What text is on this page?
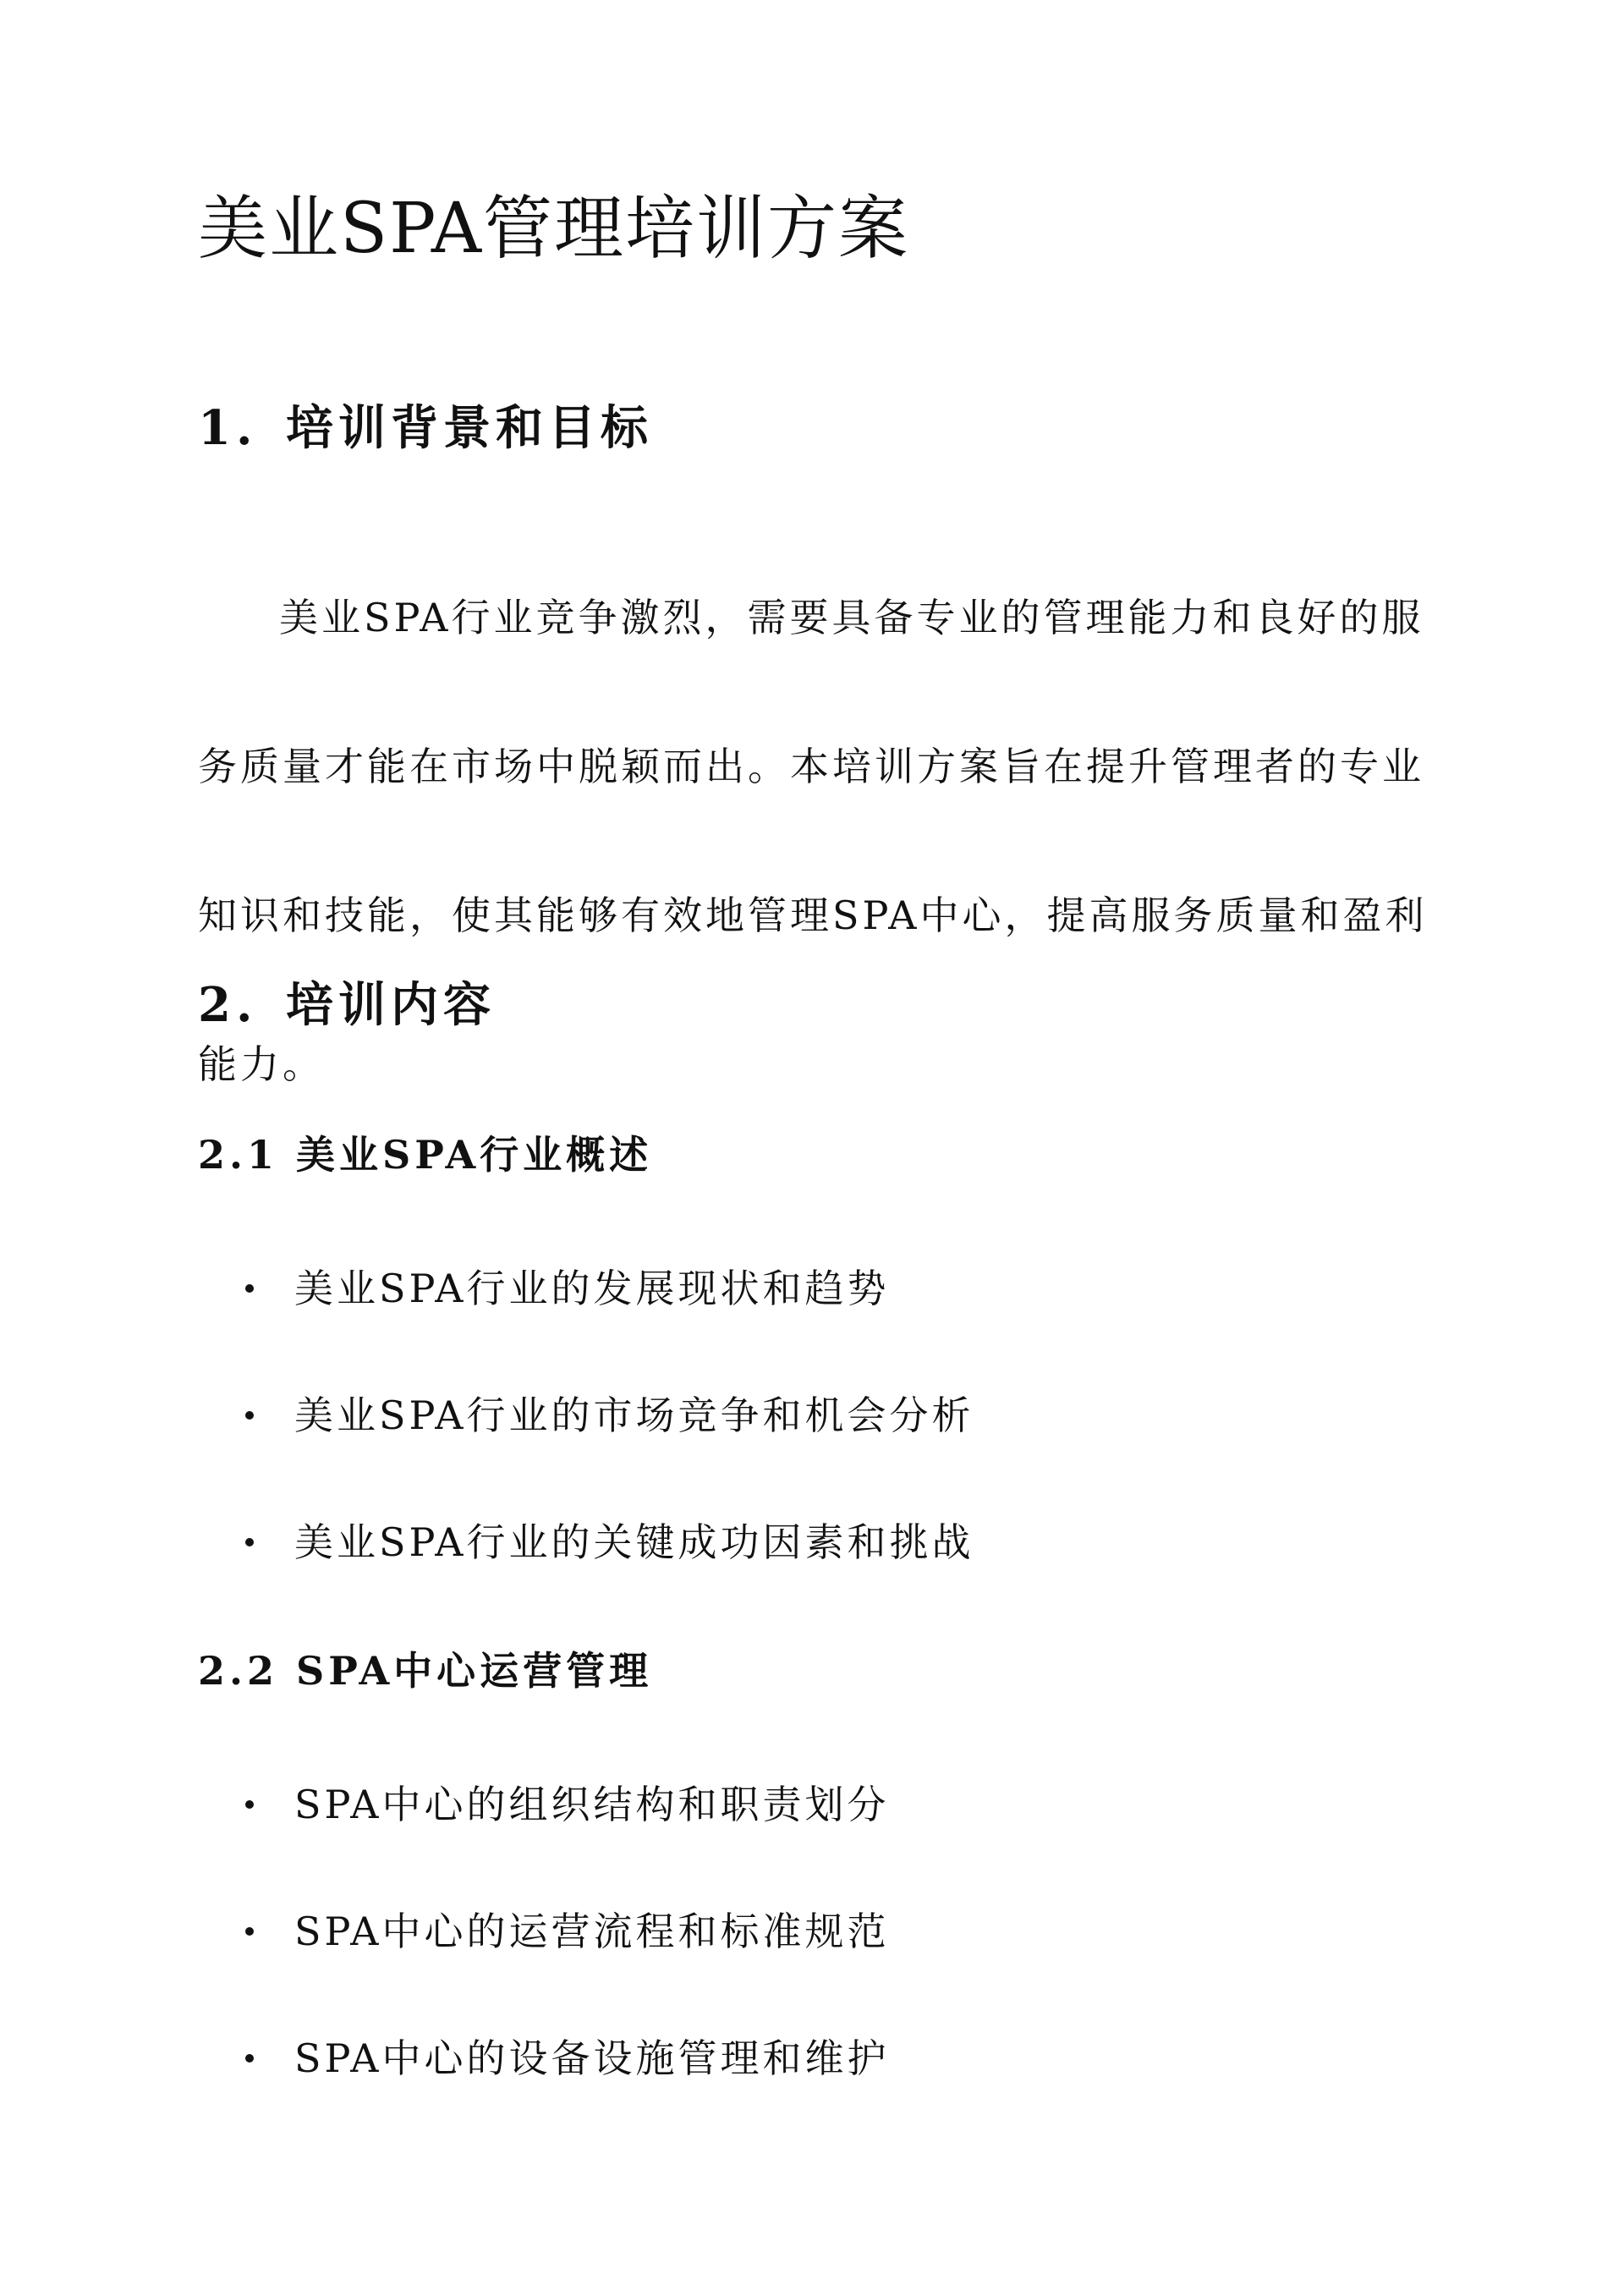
美业SPA管理培训方案
1. 培训背景和目标

美业SPA行业竞争激烈，需要具备专业的管理能力和良好的服
务质量才能在市场中脱颖而出。本培训方案旨在提升管理者的专业
知识和技能，使其能够有效地管理SPA中心，提高服务质量和盈利
能力。

2. 培训内容
2.1 美业SPA行业概述
美业SPA行业的发展现状和趋势
美业SPA行业的市场竞争和机会分析
美业SPA行业的关键成功因素和挑战
2.2 SPA中心运营管理
SPA中心的组织结构和职责划分
SPA中心的运营流程和标准规范
SPA中心的设备设施管理和维护
